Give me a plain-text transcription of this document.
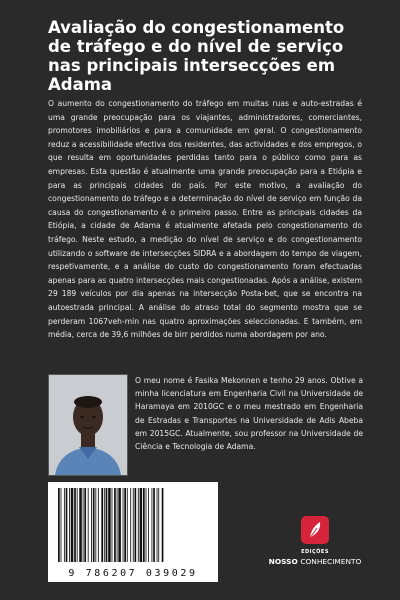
Avaliação do congestionamento de tráfego e do nível de serviço nas principais intersecções em Adama

O aumento do congestionamento do tráfego em muitas ruas e auto-estradas é uma grande preocupação para os viajantes, administradores, comerciantes, promotores imobiliários e para a comunidade em geral. O congestionamento reduz a acessibilidade efectiva dos residentes, das actividades e dos empregos, o que resulta em oportunidades perdidas tanto para o público como para as empresas. Esta questão é atualmente uma grande preocupação para a Etiópia e para as principais cidades do país. Por este motivo, a avaliação do congestionamento do tráfego e a determinação do nível de serviço em função da causa do congestionamento é o primeiro passo. Entre as principais cidades da Etiópia, a cidade de Adama é atualmente afetada pelo congestionamento do tráfego. Neste estudo, a medição do nível de serviço e do congestionamento utilizando o software de intersecções SIDRA e a abordagem do tempo de viagem, respetivamente, e a análise do custo do congestionamento foram efectuadas apenas para as quatro intersecções mais congestionadas. Após a análise, existem 29 189 veículos por dia apenas na intersecção Posta-bet, que se encontra na autoestrada principal. A análise do atraso total do segmento mostra que se perderam 1067veh-min nas quatro aproximações seleccionadas. E também, em média, cerca de 39,6 milhões de birr perdidos numa abordagem por ano.

O meu nome é Fasika Mekonnen e tenho 29 anos. Obtive a minha licenciatura em Engenharia Civil na Universidade de Haramaya em 2010GC e o meu mestrado em Engenharia de Estradas e Transportes na Universidade de Adis Abeba em 2015GC. Atualmente, sou professor na Universidade de Ciência e Tecnologia de Adama.

9 786207 039029
EDIÇÕES
NOSSO CONHECIMENTO
